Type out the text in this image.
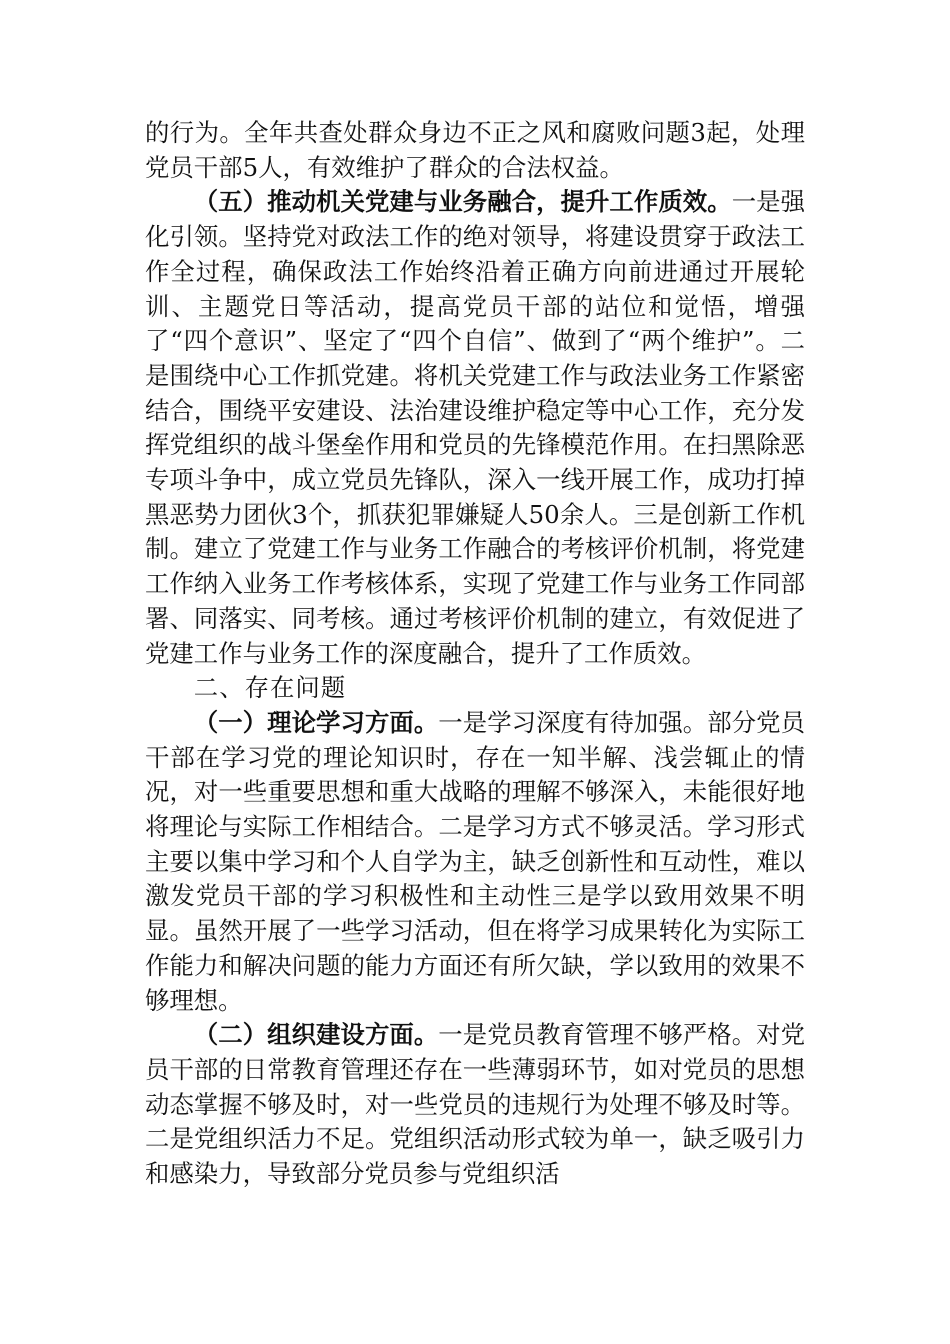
的行为。全年共查处群众身边不正之风和腐败问题3起，处理党员干部5人，有效维护了群众的合法权益。

（五）推动机关党建与业务融合，提升工作质效。一是强化引领。坚持党对政法工作的绝对领导，将建设贯穿于政法工作全过程，确保政法工作始终沿着正确方向前进通过开展轮训、主题党日等活动，提高党员干部的站位和觉悟，增强了“四个意识”、坚定了“四个自信”、做到了“两个维护”。二是围绕中心工作抓党建。将机关党建工作与政法业务工作紧密结合，围绕平安建设、法治建设维护稳定等中心工作，充分发挥党组织的战斗堡垒作用和党员的先锋模范作用。在扫黑除恶专项斗争中，成立党员先锋队，深入一线开展工作，成功打掉黑恶势力团伙3个，抓获犯罪嫌疑人50余人。三是创新工作机制。建立了党建工作与业务工作融合的考核评价机制，将党建工作纳入业务工作考核体系，实现了党建工作与业务工作同部署、同落实、同考核。通过考核评价机制的建立，有效促进了党建工作与业务工作的深度融合，提升了工作质效。

二、存在问题

（一）理论学习方面。一是学习深度有待加强。部分党员干部在学习党的理论知识时，存在一知半解、浅尝辄止的情况，对一些重要思想和重大战略的理解不够深入，未能很好地将理论与实际工作相结合。二是学习方式不够灵活。学习形式主要以集中学习和个人自学为主，缺乏创新性和互动性，难以激发党员干部的学习积极性和主动性三是学以致用效果不明显。虽然开展了一些学习活动，但在将学习成果转化为实际工作能力和解决问题的能力方面还有所欠缺，学以致用的效果不够理想。

（二）组织建设方面。一是党员教育管理不够严格。对党员干部的日常教育管理还存在一些薄弱环节，如对党员的思想动态掌握不够及时，对一些党员的违规行为处理不够及时等。二是党组织活力不足。党组织活动形式较为单一，缺乏吸引力和感染力，导致部分党员参与党组织活
